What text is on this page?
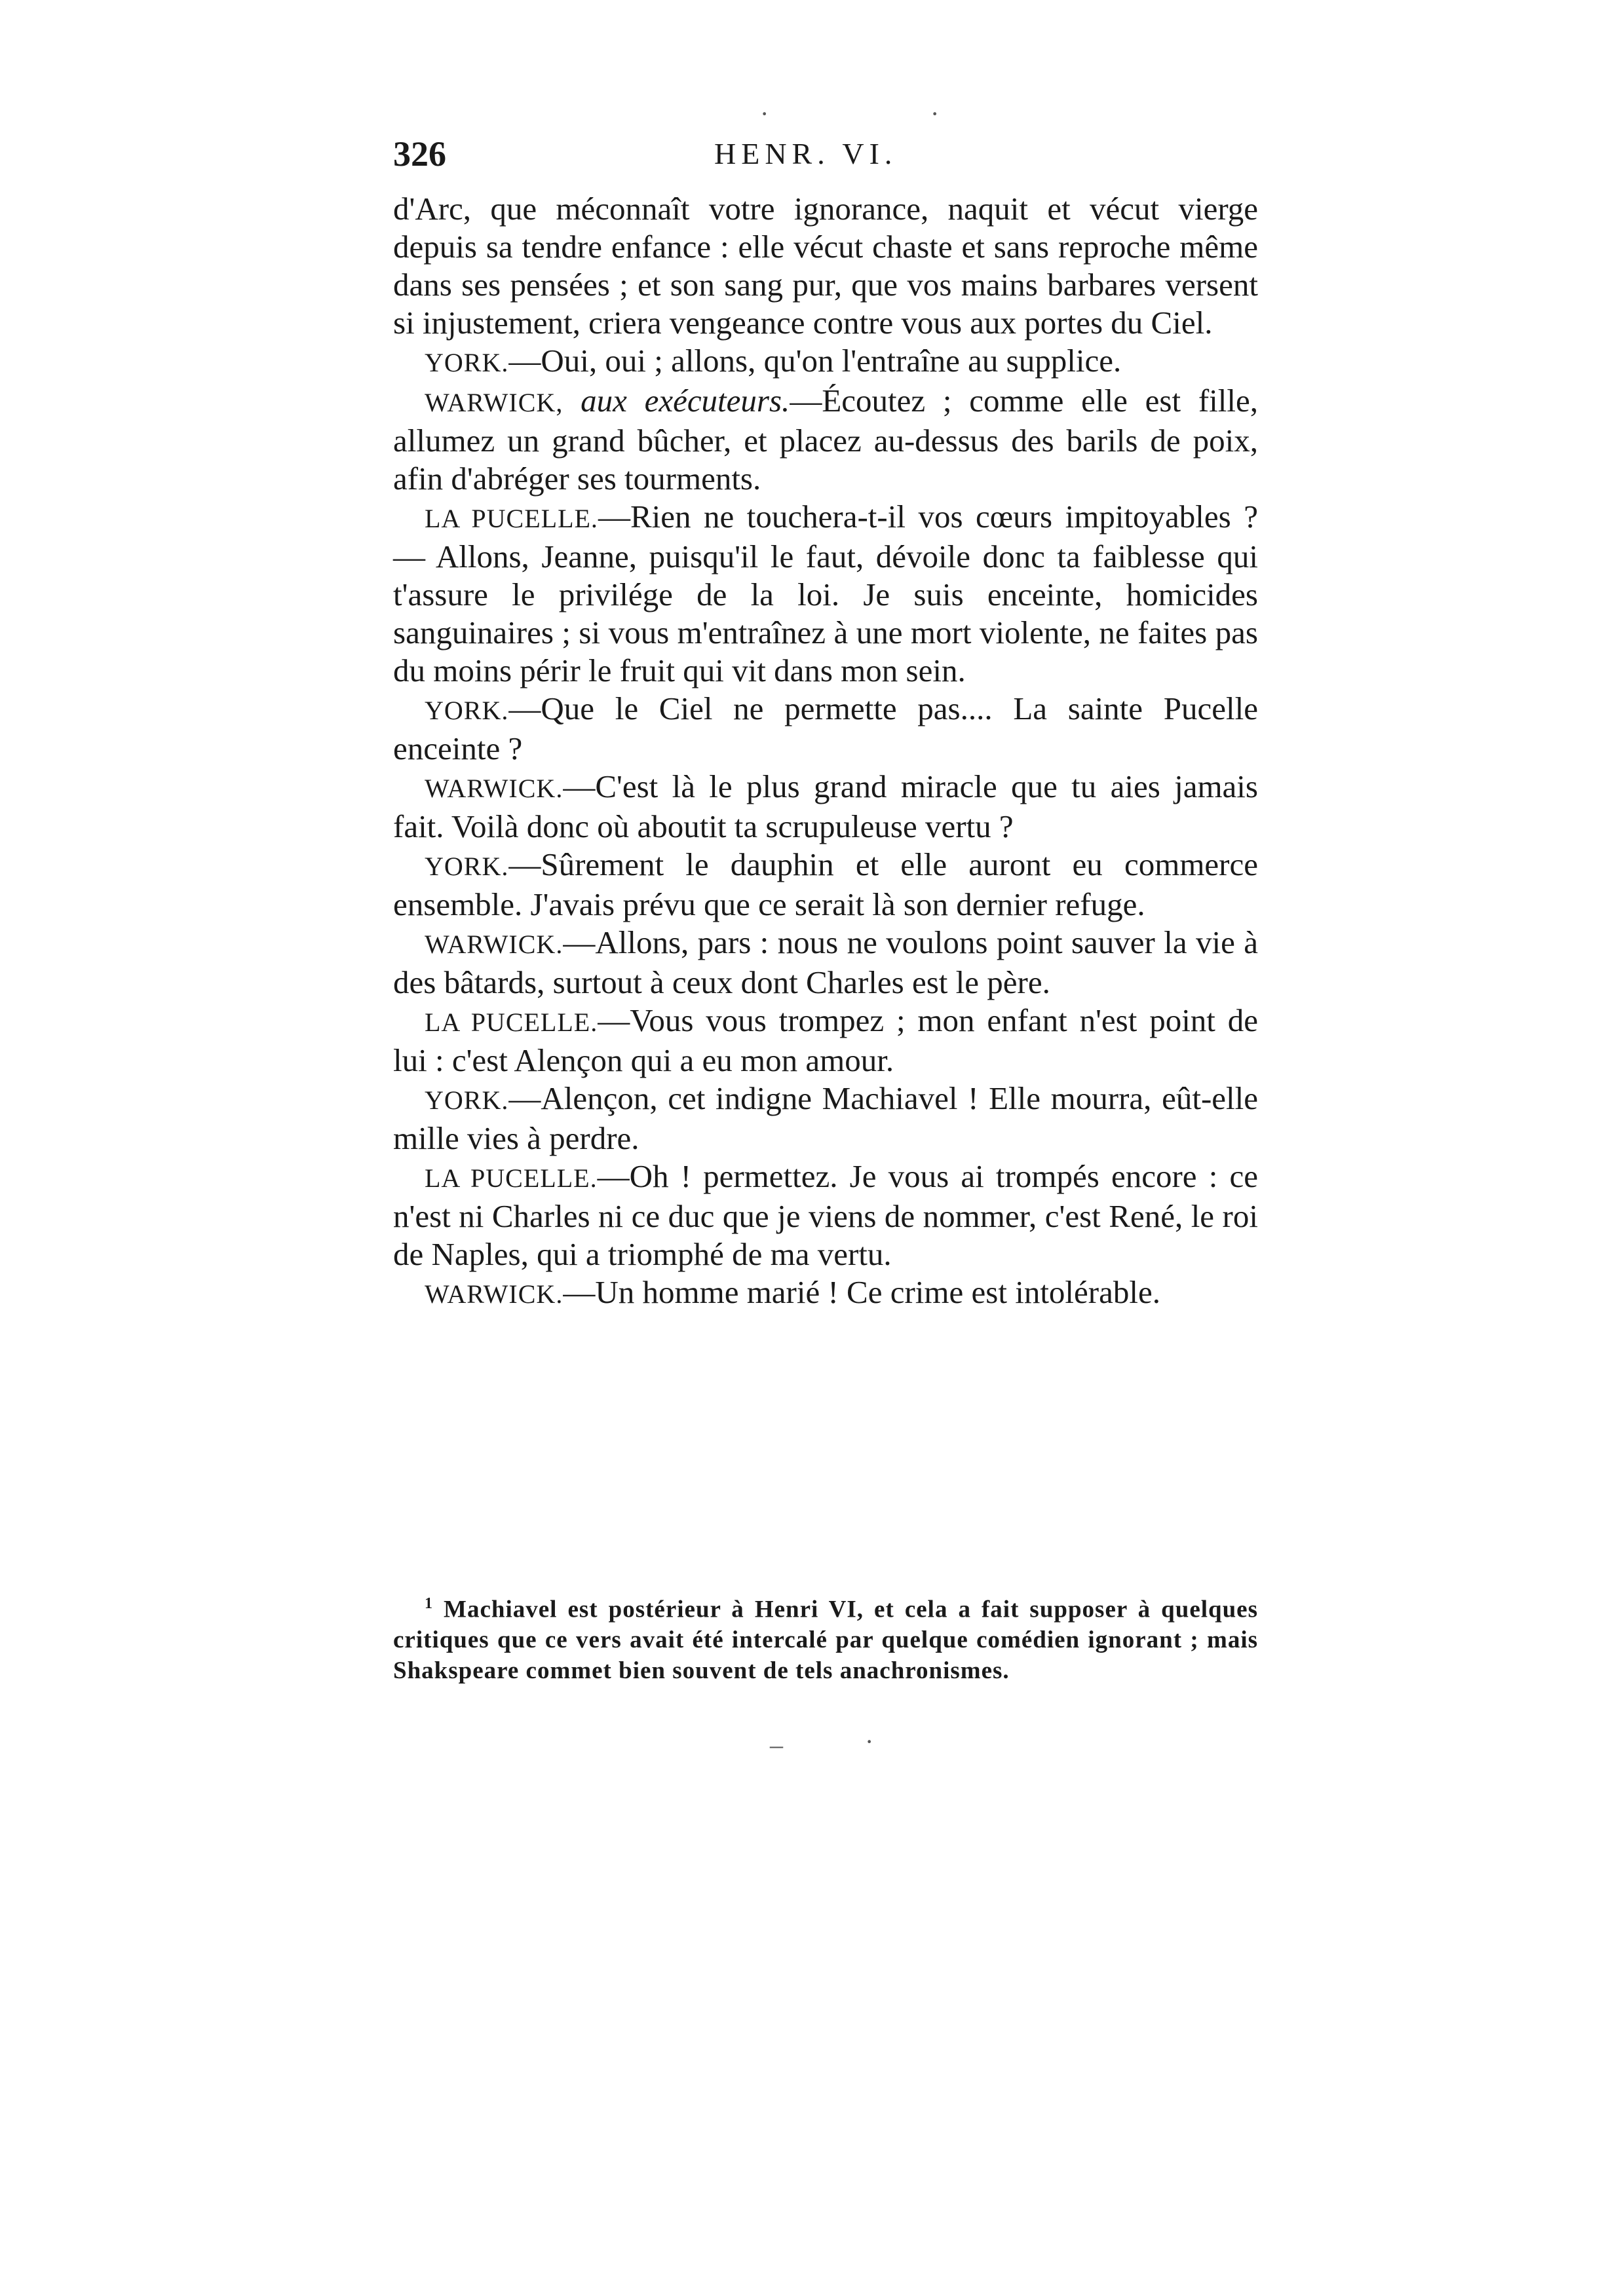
·	·
326	HENR. VI.

d'Arc, que méconnaît votre ignorance, naquit et vécut vierge depuis sa tendre enfance : elle vécut chaste et sans reproche même dans ses pensées ; et son sang pur, que vos mains barbares versent si injustement, criera vengeance contre vous aux portes du Ciel.

YORK.—Oui, oui ; allons, qu'on l'entraîne au supplice.

WARWICK, aux exécuteurs.—Écoutez ; comme elle est fille, allumez un grand bûcher, et placez au-dessus des barils de poix, afin d'abréger ses tourments.

LA PUCELLE.—Rien ne touchera-t-il vos cœurs impitoyables ? — Allons, Jeanne, puisqu'il le faut, dévoile donc ta faiblesse qui t'assure le privilége de la loi. Je suis enceinte, homicides sanguinaires ; si vous m'entraînez à une mort violente, ne faites pas du moins périr le fruit qui vit dans mon sein.

YORK.—Que le Ciel ne permette pas.... La sainte Pucelle enceinte ?

WARWICK.—C'est là le plus grand miracle que tu aies jamais fait. Voilà donc où aboutit ta scrupuleuse vertu ?

YORK.—Sûrement le dauphin et elle auront eu commerce ensemble. J'avais prévu que ce serait là son dernier refuge.

WARWICK.—Allons, pars : nous ne voulons point sauver la vie à des bâtards, surtout à ceux dont Charles est le père.

LA PUCELLE.—Vous vous trompez ; mon enfant n'est point de lui : c'est Alençon qui a eu mon amour.

YORK.—Alençon, cet indigne Machiavel ! Elle mourra, eût-elle mille vies à perdre.

LA PUCELLE.—Oh ! permettez. Je vous ai trompés encore : ce n'est ni Charles ni ce duc que je viens de nommer, c'est René, le roi de Naples, qui a triomphé de ma vertu.

WARWICK.—Un homme marié ! Ce crime est intolérable.

$^1$ Machiavel est postérieur à Henri VI, et cela a fait supposer à quelques critiques que ce vers avait été intercalé par quelque comédien ignorant ; mais Shakspeare commet bien souvent de tels anachronismes.

–	·
